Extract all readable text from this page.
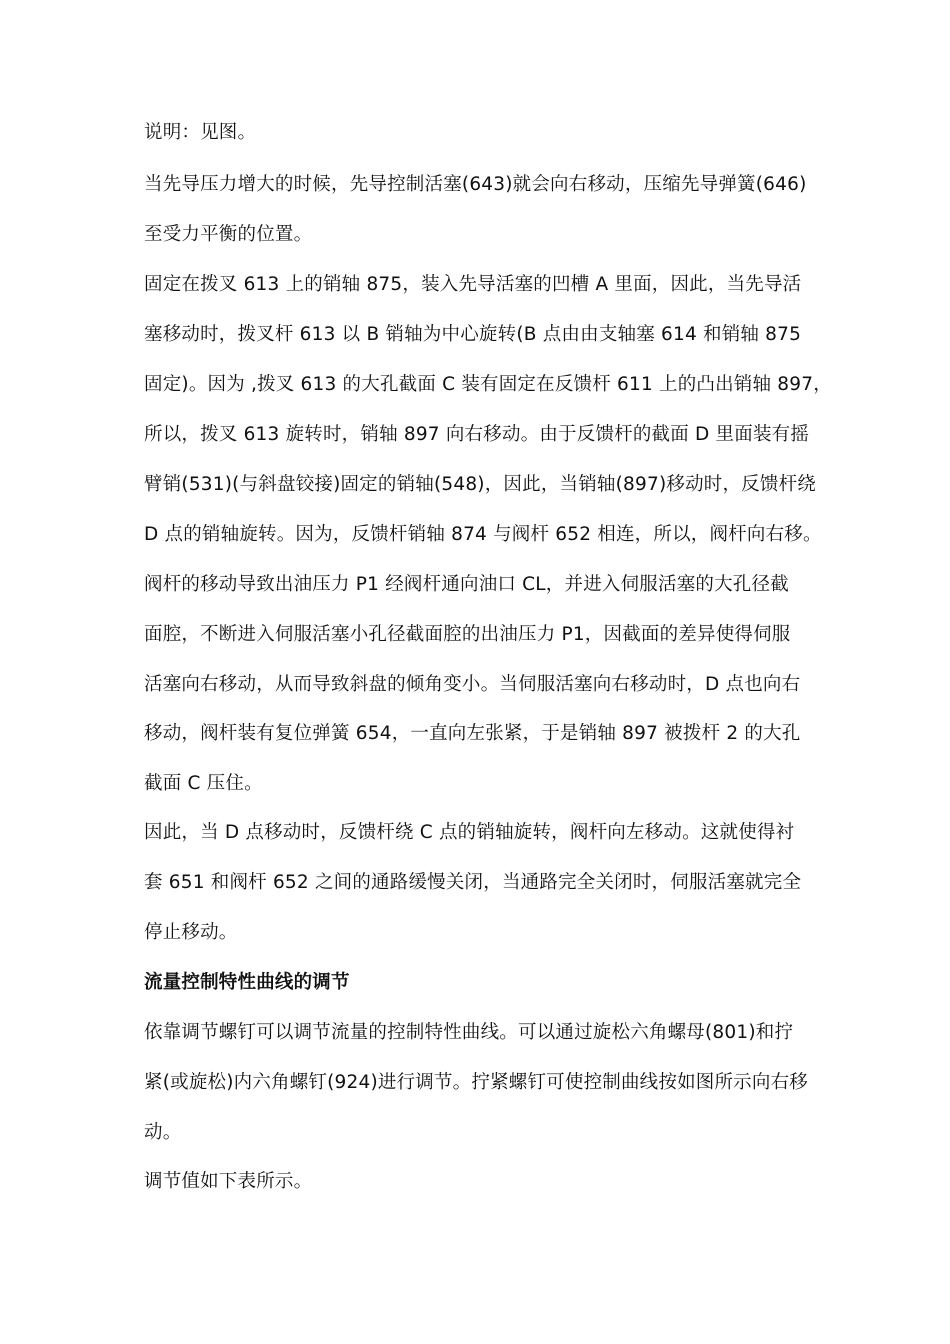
说明：见图。
当先导压力增大的时候，先导控制活塞(643)就会向右移动，压缩先导弹簧(646)
至受力平衡的位置。
固定在拨叉 613 上的销轴 875，装入先导活塞的凹槽 A 里面，因此，当先导活
塞移动时，拨叉杆 613 以 B 销轴为中心旋转(B 点由由支轴塞 614 和销轴 875
固定)。因为 ,拨叉 613 的大孔截面 C 装有固定在反馈杆 611 上的凸出销轴 897，
所以，拨叉 613 旋转时，销轴 897 向右移动。由于反馈杆的截面 D 里面装有摇
臂销(531)(与斜盘铰接)固定的销轴(548)，因此，当销轴(897)移动时，反馈杆绕
D 点的销轴旋转。因为，反馈杆销轴 874 与阀杆 652 相连，所以，阀杆向右移。
阀杆的移动导致出油压力 P1 经阀杆通向油口 CL，并进入伺服活塞的大孔径截
面腔，不断进入伺服活塞小孔径截面腔的出油压力 P1，因截面的差异使得伺服
活塞向右移动，从而导致斜盘的倾角变小。当伺服活塞向右移动时，D 点也向右
移动，阀杆装有复位弹簧 654，一直向左张紧，于是销轴 897 被拨杆 2 的大孔
截面 C 压住。
因此，当 D 点移动时，反馈杆绕 C 点的销轴旋转，阀杆向左移动。这就使得衬
套 651 和阀杆 652 之间的通路缓慢关闭，当通路完全关闭时，伺服活塞就完全
停止移动。
流量控制特性曲线的调节
依靠调节螺钉可以调节流量的控制特性曲线。可以通过旋松六角螺母(801)和拧
紧(或旋松)内六角螺钉(924)进行调节。拧紧螺钉可使控制曲线按如图所示向右移
动。
调节值如下表所示。
